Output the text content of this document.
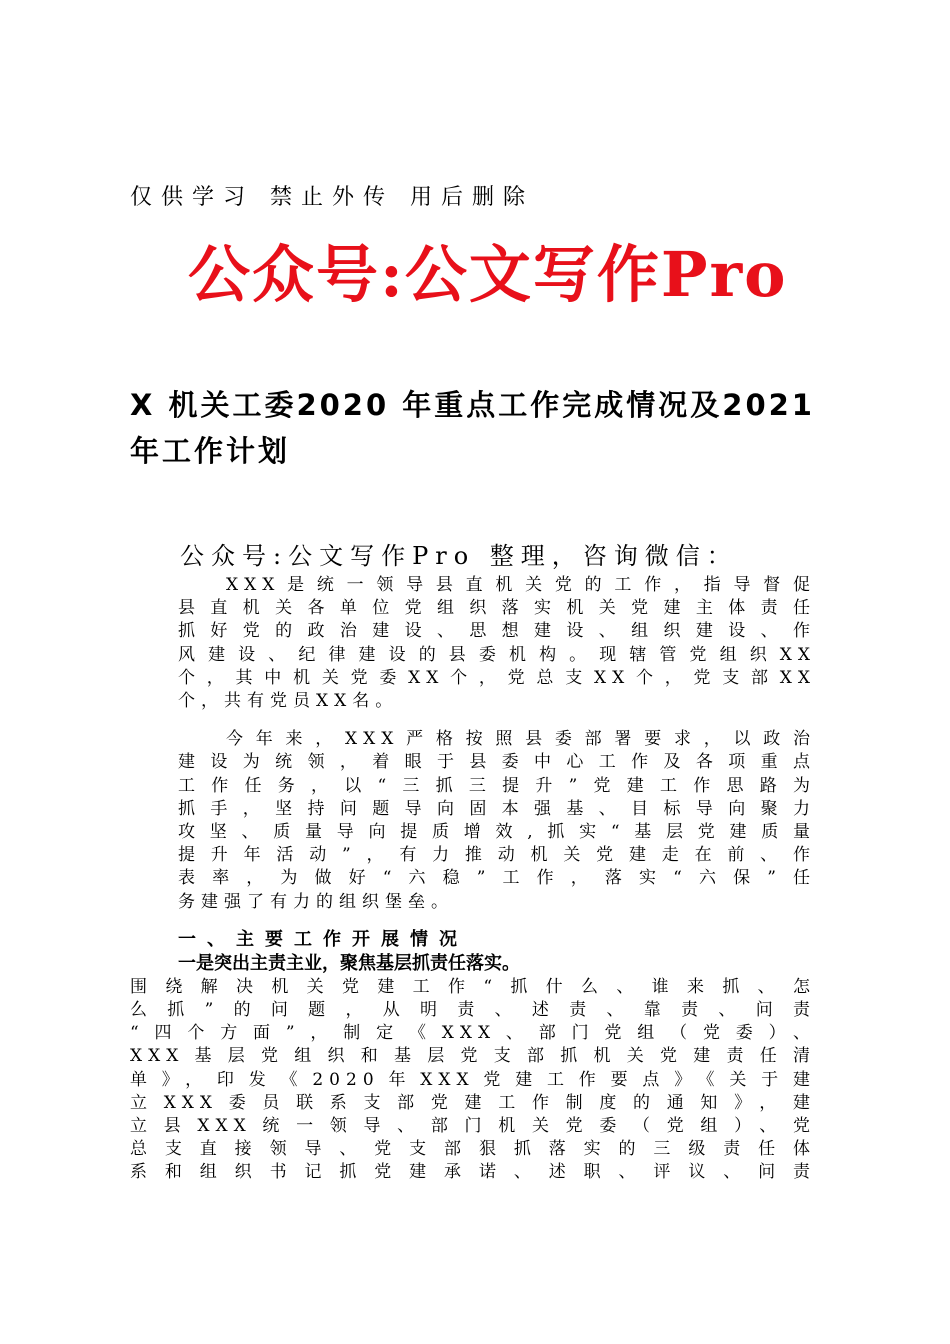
仅供学习 禁止外传 用后删除
公众号:公文写作Pro
X 机关工委2020 年重点工作完成情况及2021 年工作计划
公众号:公文写作Pro 整理，咨询微信：
XXX是统一领导县直机关党的工作，指导督促
县直机关各单位党组织落实机关党建主体责任
抓好党的政治建设、思想建设、组织建设、作
风建设、纪律建设的县委机构。现辖管党组织XX
个，其中机关党委XX个，党总支XX个，党支部XX
个，共有党员XX名。
今年来，XXX严格按照县委部署要求，以政治
建设为统领，着眼于县委中心工作及各项重点
工作任务，以“三抓三提升”党建工作思路为
抓手，坚持问题导向固本强基、目标导向聚力
攻坚、质量导向提质增效,抓实“基层党建质量
提升年活动”，有力推动机关党建走在前、作
表率，为做好“六稳”工作，落实“六保”任
务建强了有力的组织堡垒。
一、主要工作开展情况
一是突出主责主业，聚焦基层抓责任落实。
围绕解决机关党建工作“抓什么、谁来抓、怎
么抓”的问题，从明责、述责、靠责、问责
“四个方面”，制定《XXX、部门党组（党委）、
XXX基层党组织和基层党支部抓机关党建责任清
单》，印发《2020年XXX党建工作要点》《关于建
立XXX委员联系支部党建工作制度的通知》，建
立县XXX统一领导、部门机关党委（党组）、党
总支直接领导、党支部狠抓落实的三级责任体
系和组织书记抓党建承诺、述职、评议、问责
